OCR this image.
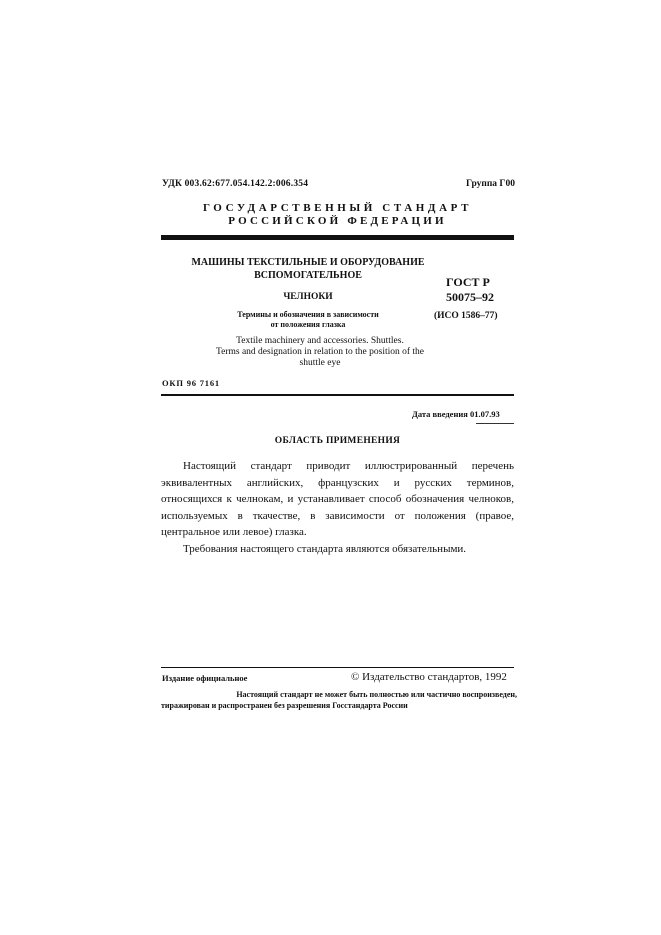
УДК 003.62:677.054.142.2:006.354	Группа Г00
ГОСУДАРСТВЕННЫЙ СТАНДАРТ
РОССИЙСКОЙ ФЕДЕРАЦИИ
МАШИНЫ ТЕКСТИЛЬНЫЕ И ОБОРУДОВАНИЕ
ВСПОМОГАТЕЛЬНОЕ	ГОСТ Р
50075–92
ЧЕЛНОКИ
Термины и обозначения в зависимости
от положения глазка
(ИСО 1586–77)
Textile machinery and accessories. Shuttles.
Terms and designation in relation to the position of the
shuttle eye
ОКП 96 7161
Дата введения 01.07.93
ОБЛАСТЬ ПРИМЕНЕНИЯ

Настоящий стандарт приводит иллюстрированный перечень эквивалентных английских, французских и русских терминов, относящихся к челнокам, и устанавливает способ обозначения челноков, используемых в ткачестве, в зависимости от положения (правое, центральное или левое) глазка.

Требования настоящего стандарта являются обязательными.

Издание официальное	© Издательство стандартов, 1992
Настоящий стандарт не может быть полностью или частично воспроизведен,
тиражирован и распространен без разрешения Госстандарта России
